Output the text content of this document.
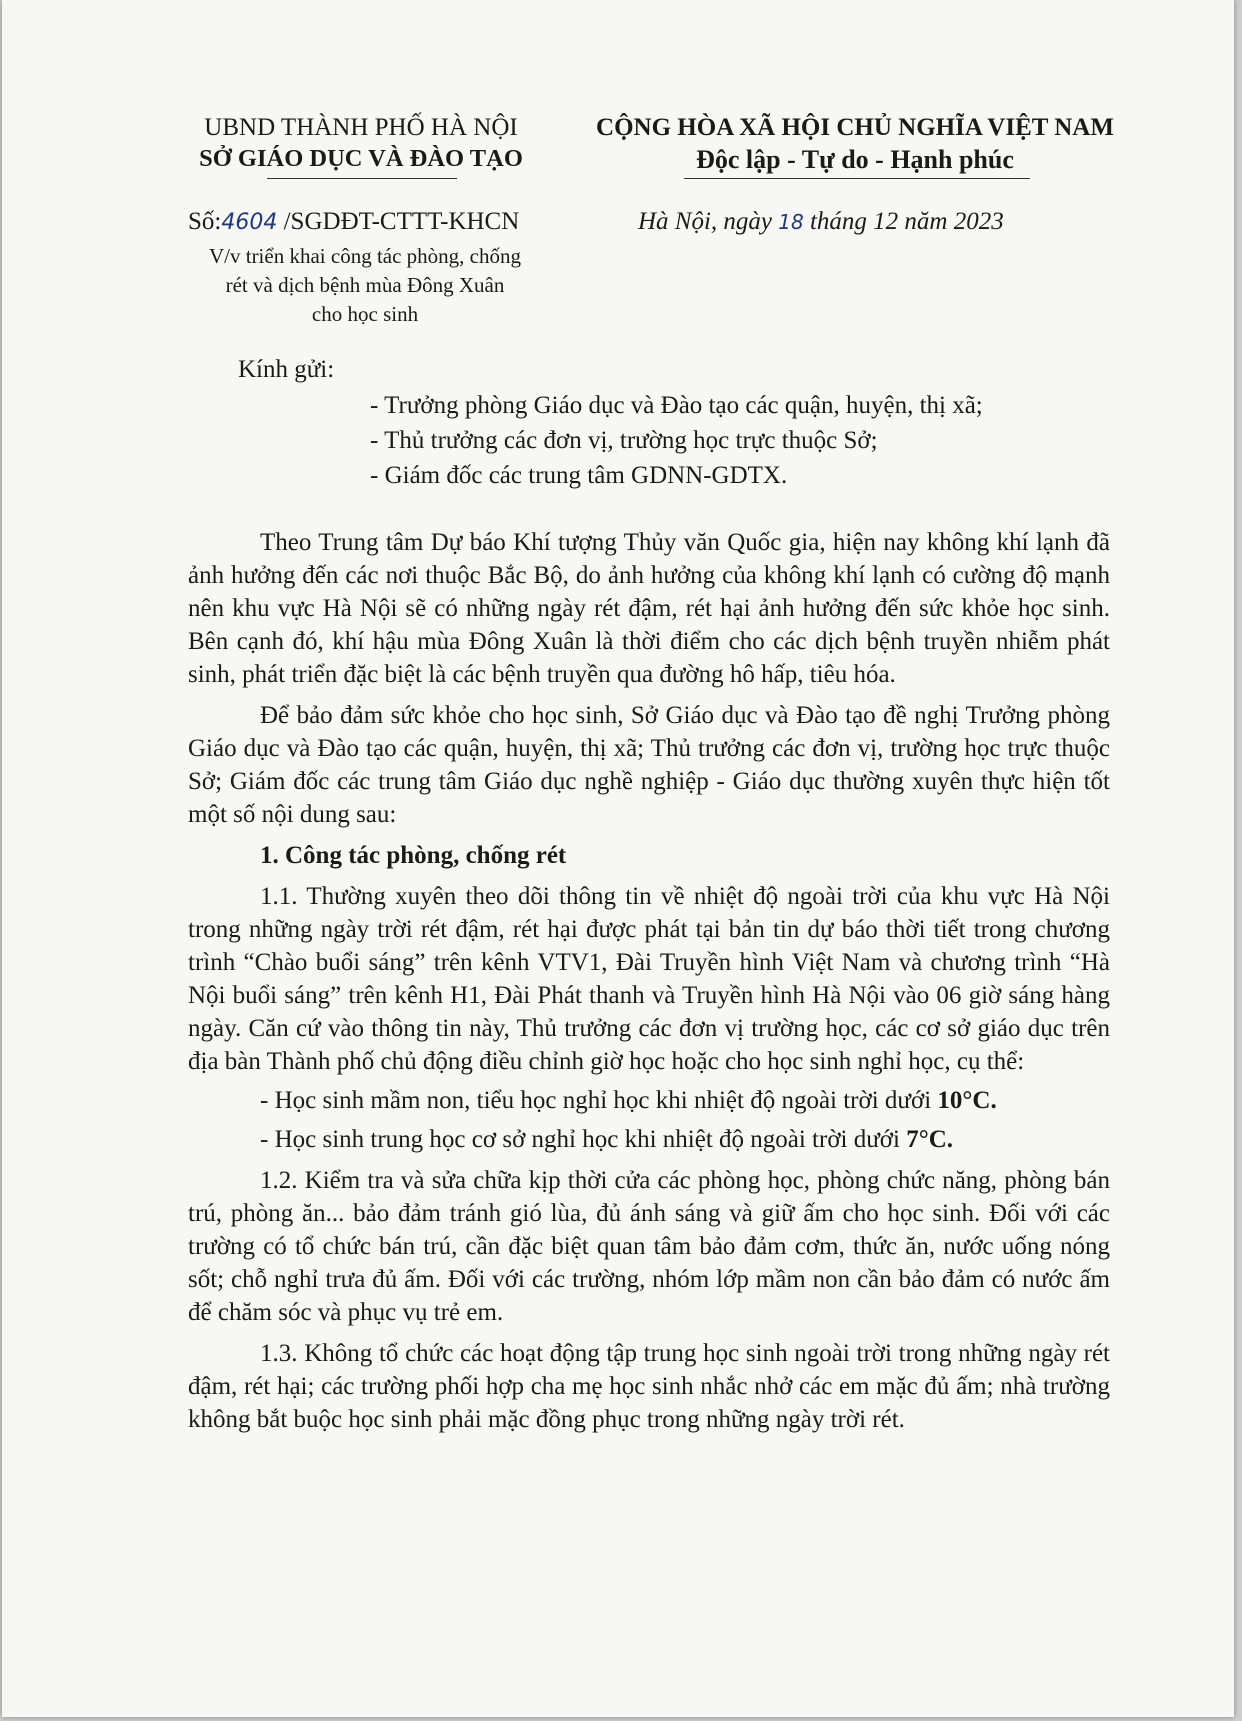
UBND THÀNH PHỐ HÀ NỘI
SỞ GIÁO DỤC VÀ ĐÀO TẠO
CỘNG HÒA XÃ HỘI CHỦ NGHĨA VIỆT NAM
Độc lập - Tự do - Hạnh phúc
Số:4604 /SGDĐT-CTTT-KHCN	Hà Nội, ngày 18 tháng 12 năm 2023
V/v triển khai công tác phòng, chống
rét và dịch bệnh mùa Đông Xuân
cho học sinh
Kính gửi:
- Trưởng phòng Giáo dục và Đào tạo các quận, huyện, thị xã;
- Thủ trưởng các đơn vị, trường học trực thuộc Sở;
- Giám đốc các trung tâm GDNN-GDTX.

Theo Trung tâm Dự báo Khí tượng Thủy văn Quốc gia, hiện nay không khí lạnh đã ảnh hưởng đến các nơi thuộc Bắc Bộ, do ảnh hưởng của không khí lạnh có cường độ mạnh nên khu vực Hà Nội sẽ có những ngày rét đậm, rét hại ảnh hưởng đến sức khỏe học sinh. Bên cạnh đó, khí hậu mùa Đông Xuân là thời điểm cho các dịch bệnh truyền nhiễm phát sinh, phát triển đặc biệt là các bệnh truyền qua đường hô hấp, tiêu hóa.

Để bảo đảm sức khỏe cho học sinh, Sở Giáo dục và Đào tạo đề nghị Trưởng phòng Giáo dục và Đào tạo các quận, huyện, thị xã; Thủ trưởng các đơn vị, trường học trực thuộc Sở; Giám đốc các trung tâm Giáo dục nghề nghiệp - Giáo dục thường xuyên thực hiện tốt một số nội dung sau:

1. Công tác phòng, chống rét

1.1. Thường xuyên theo dõi thông tin về nhiệt độ ngoài trời của khu vực Hà Nội trong những ngày trời rét đậm, rét hại được phát tại bản tin dự báo thời tiết trong chương trình “Chào buổi sáng” trên kênh VTV1, Đài Truyền hình Việt Nam và chương trình “Hà Nội buổi sáng” trên kênh H1, Đài Phát thanh và Truyền hình Hà Nội vào 06 giờ sáng hàng ngày. Căn cứ vào thông tin này, Thủ trưởng các đơn vị trường học, các cơ sở giáo dục trên địa bàn Thành phố chủ động điều chỉnh giờ học hoặc cho học sinh nghỉ học, cụ thể:

- Học sinh mầm non, tiểu học nghỉ học khi nhiệt độ ngoài trời dưới 10°C.

- Học sinh trung học cơ sở nghỉ học khi nhiệt độ ngoài trời dưới 7°C.

1.2. Kiểm tra và sửa chữa kịp thời cửa các phòng học, phòng chức năng, phòng bán trú, phòng ăn... bảo đảm tránh gió lùa, đủ ánh sáng và giữ ấm cho học sinh. Đối với các trường có tổ chức bán trú, cần đặc biệt quan tâm bảo đảm cơm, thức ăn, nước uống nóng sốt; chỗ nghỉ trưa đủ ấm. Đối với các trường, nhóm lớp mầm non cần bảo đảm có nước ấm để chăm sóc và phục vụ trẻ em.

1.3. Không tổ chức các hoạt động tập trung học sinh ngoài trời trong những ngày rét đậm, rét hại; các trường phối hợp cha mẹ học sinh nhắc nhở các em mặc đủ ấm; nhà trường không bắt buộc học sinh phải mặc đồng phục trong những ngày trời rét.
